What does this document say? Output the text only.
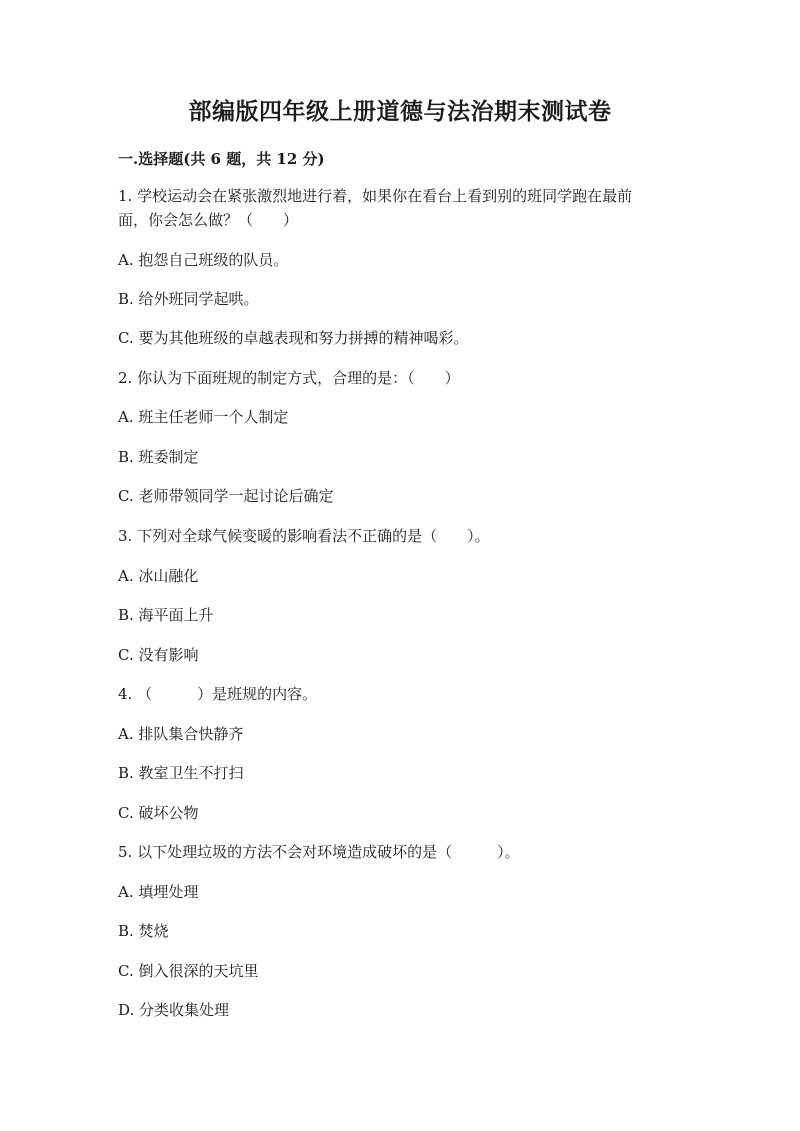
部编版四年级上册道德与法治期末测试卷
一.选择题(共 6 题，共 12 分)
1. 学校运动会在紧张激烈地进行着，如果你在看台上看到别的班同学跑在最前
面，你会怎么做？（　　）
A. 抱怨自己班级的队员。
B. 给外班同学起哄。
C. 要为其他班级的卓越表现和努力拼搏的精神喝彩。
2. 你认为下面班规的制定方式，合理的是：（　　）
A. 班主任老师一个人制定
B. 班委制定
C. 老师带领同学一起讨论后确定
3. 下列对全球气候变暖的影响看法不正确的是（　　）。
A. 冰山融化
B. 海平面上升
C. 没有影响
4. （　　　）是班规的内容。
A. 排队集合快静齐
B. 教室卫生不打扫
C. 破坏公物
5. 以下处理垃圾的方法不会对环境造成破坏的是（　　　）。
A. 填埋处理
B. 焚烧
C. 倒入很深的天坑里
D. 分类收集处理
